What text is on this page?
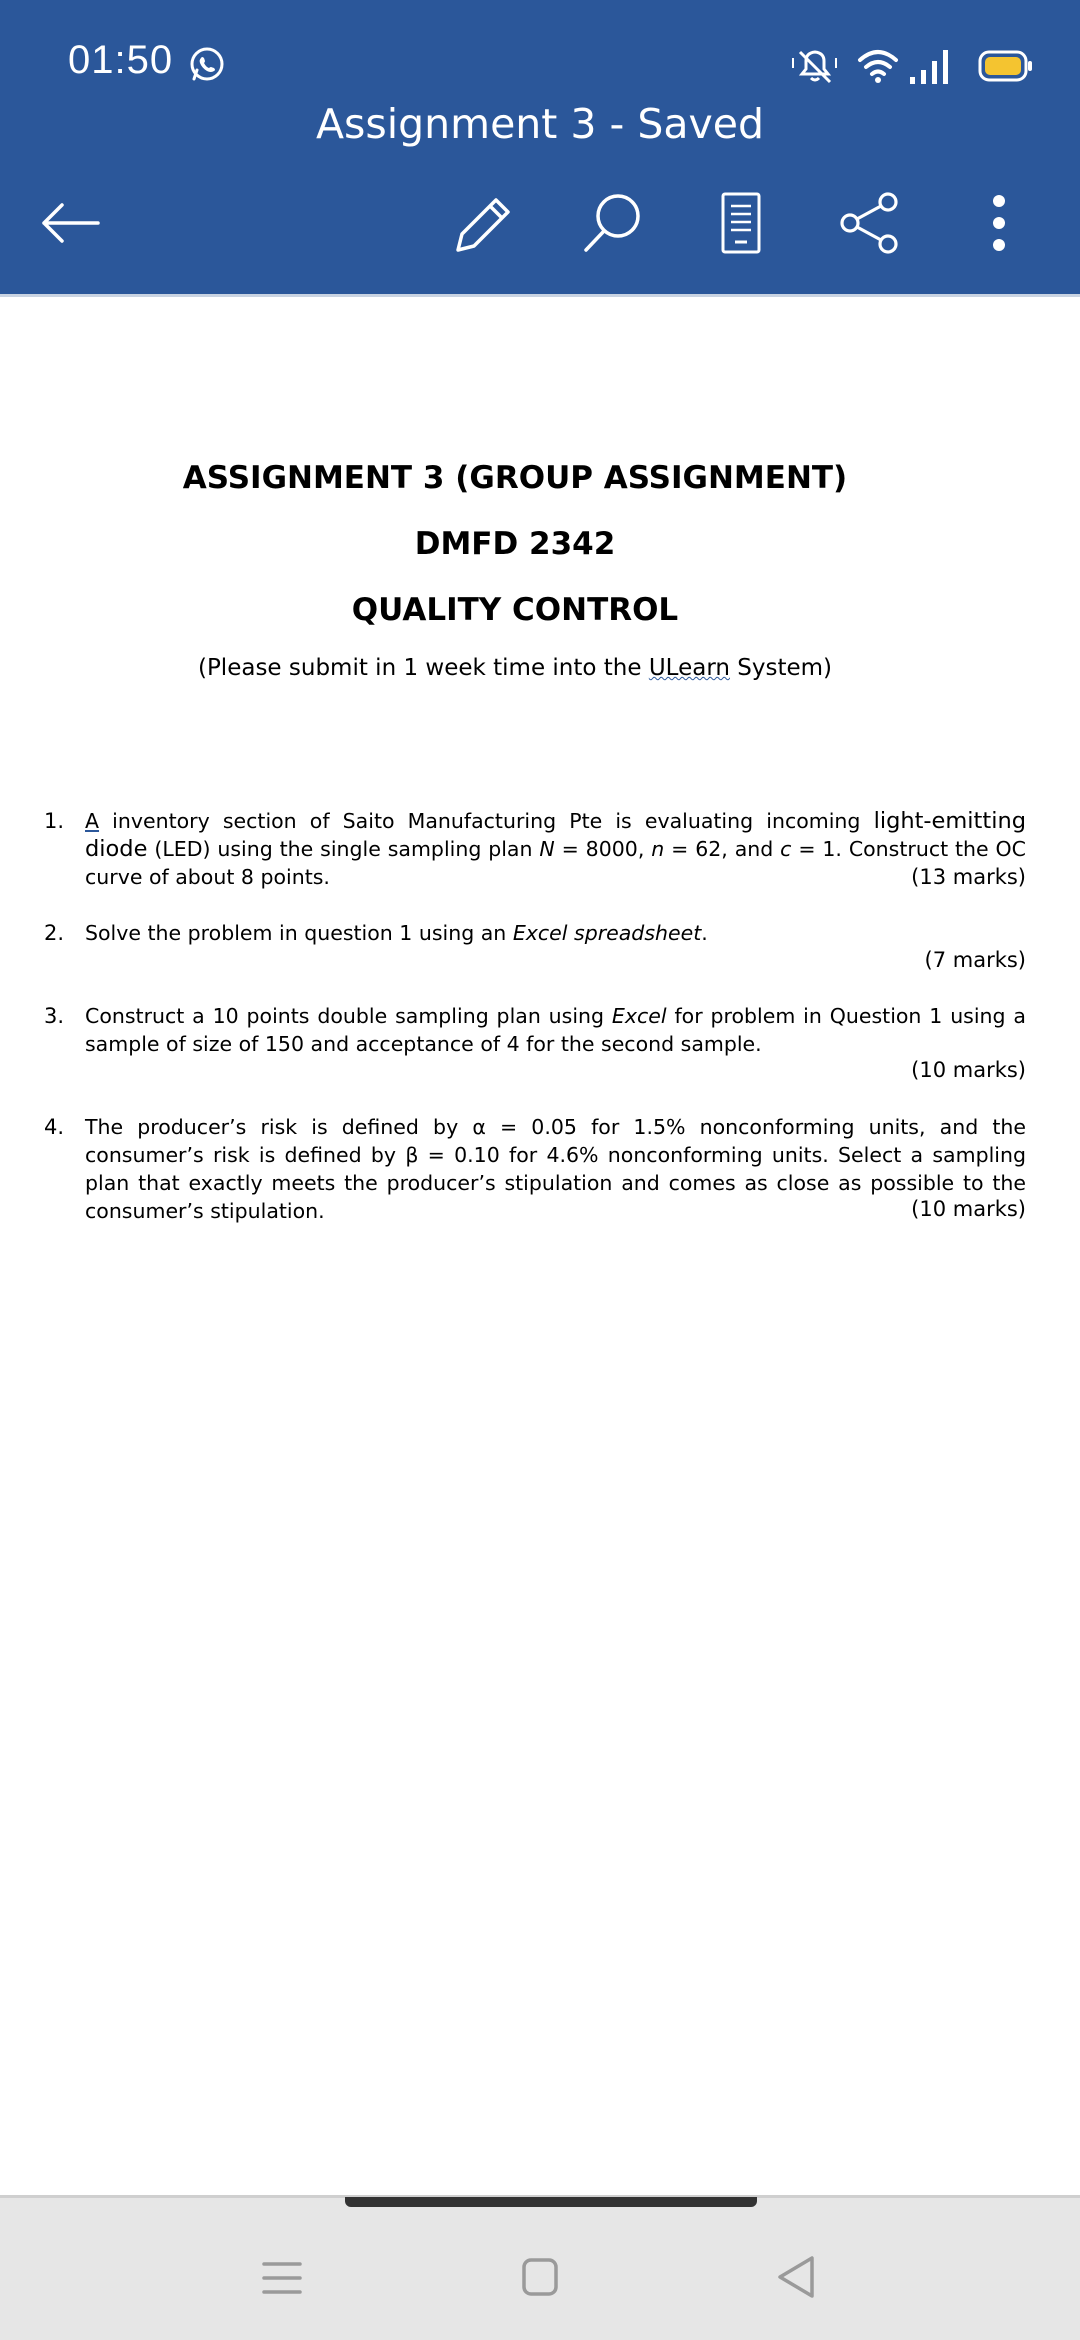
01:50
Assignment 3 - Saved
ASSIGNMENT 3 (GROUP ASSIGNMENT)
DMFD 2342
QUALITY CONTROL
(Please submit in 1 week time into the ULearn System)
1. A inventory section of Saito Manufacturing Pte is evaluating incoming light-emitting diode (LED) using the single sampling plan N = 8000, n = 62, and c = 1. Construct the OC curve of about 8 points.	(13 marks)
2. Solve the problem in question 1 using an Excel spreadsheet.
(7 marks)
3. Construct a 10 points double sampling plan using Excel for problem in Question 1 using a sample of size of 150 and acceptance of 4 for the second sample.
(10 marks)
4. The producer’s risk is defined by α = 0.05 for 1.5% nonconforming units, and the consumer’s risk is defined by β = 0.10 for 4.6% nonconforming units. Select a sampling plan that exactly meets the producer’s stipulation and comes as close as possible to the consumer’s stipulation.	(10 marks)
